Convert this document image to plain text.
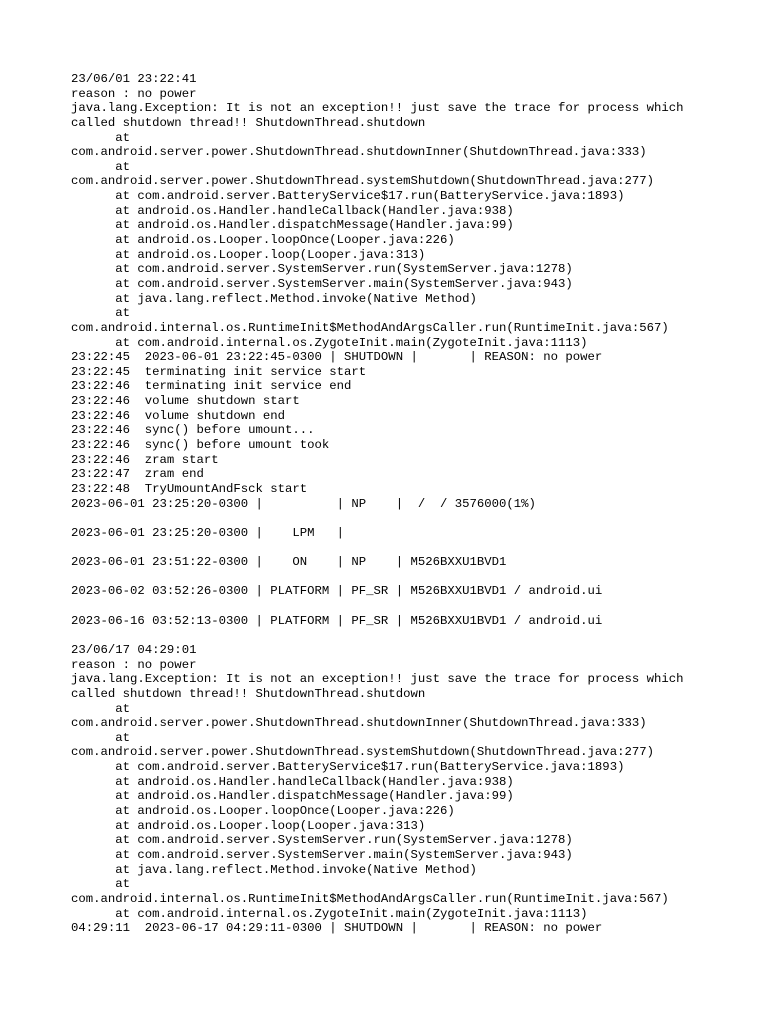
23/06/01 23:22:41
reason : no power
java.lang.Exception: It is not an exception!! just save the trace for process which
called shutdown thread!! ShutdownThread.shutdown
at
com.android.server.power.ShutdownThread.shutdownInner(ShutdownThread.java:333)
at
com.android.server.power.ShutdownThread.systemShutdown(ShutdownThread.java:277)
at com.android.server.BatteryService$17.run(BatteryService.java:1893)
at android.os.Handler.handleCallback(Handler.java:938)
at android.os.Handler.dispatchMessage(Handler.java:99)
at android.os.Looper.loopOnce(Looper.java:226)
at android.os.Looper.loop(Looper.java:313)
at com.android.server.SystemServer.run(SystemServer.java:1278)
at com.android.server.SystemServer.main(SystemServer.java:943)
at java.lang.reflect.Method.invoke(Native Method)
at
com.android.internal.os.RuntimeInit$MethodAndArgsCaller.run(RuntimeInit.java:567)
at com.android.internal.os.ZygoteInit.main(ZygoteInit.java:1113)
23:22:45  2023-06-01 23:22:45-0300 | SHUTDOWN |       | REASON: no power
23:22:45  terminating init service start
23:22:46  terminating init service end
23:22:46  volume shutdown start
23:22:46  volume shutdown end
23:22:46  sync() before umount...
23:22:46  sync() before umount took
23:22:46  zram start
23:22:47  zram end
23:22:48  TryUmountAndFsck start
2023-06-01 23:25:20-0300 |          | NP    |  /  / 3576000(1%)
2023-06-01 23:25:20-0300 |    LPM   |
2023-06-01 23:51:22-0300 |    ON    | NP    | M526BXXU1BVD1
2023-06-02 03:52:26-0300 | PLATFORM | PF_SR | M526BXXU1BVD1 / android.ui
2023-06-16 03:52:13-0300 | PLATFORM | PF_SR | M526BXXU1BVD1 / android.ui
23/06/17 04:29:01
reason : no power
java.lang.Exception: It is not an exception!! just save the trace for process which
called shutdown thread!! ShutdownThread.shutdown
at
com.android.server.power.ShutdownThread.shutdownInner(ShutdownThread.java:333)
at
com.android.server.power.ShutdownThread.systemShutdown(ShutdownThread.java:277)
at com.android.server.BatteryService$17.run(BatteryService.java:1893)
at android.os.Handler.handleCallback(Handler.java:938)
at android.os.Handler.dispatchMessage(Handler.java:99)
at android.os.Looper.loopOnce(Looper.java:226)
at android.os.Looper.loop(Looper.java:313)
at com.android.server.SystemServer.run(SystemServer.java:1278)
at com.android.server.SystemServer.main(SystemServer.java:943)
at java.lang.reflect.Method.invoke(Native Method)
at
com.android.internal.os.RuntimeInit$MethodAndArgsCaller.run(RuntimeInit.java:567)
at com.android.internal.os.ZygoteInit.main(ZygoteInit.java:1113)
04:29:11  2023-06-17 04:29:11-0300 | SHUTDOWN |       | REASON: no power
